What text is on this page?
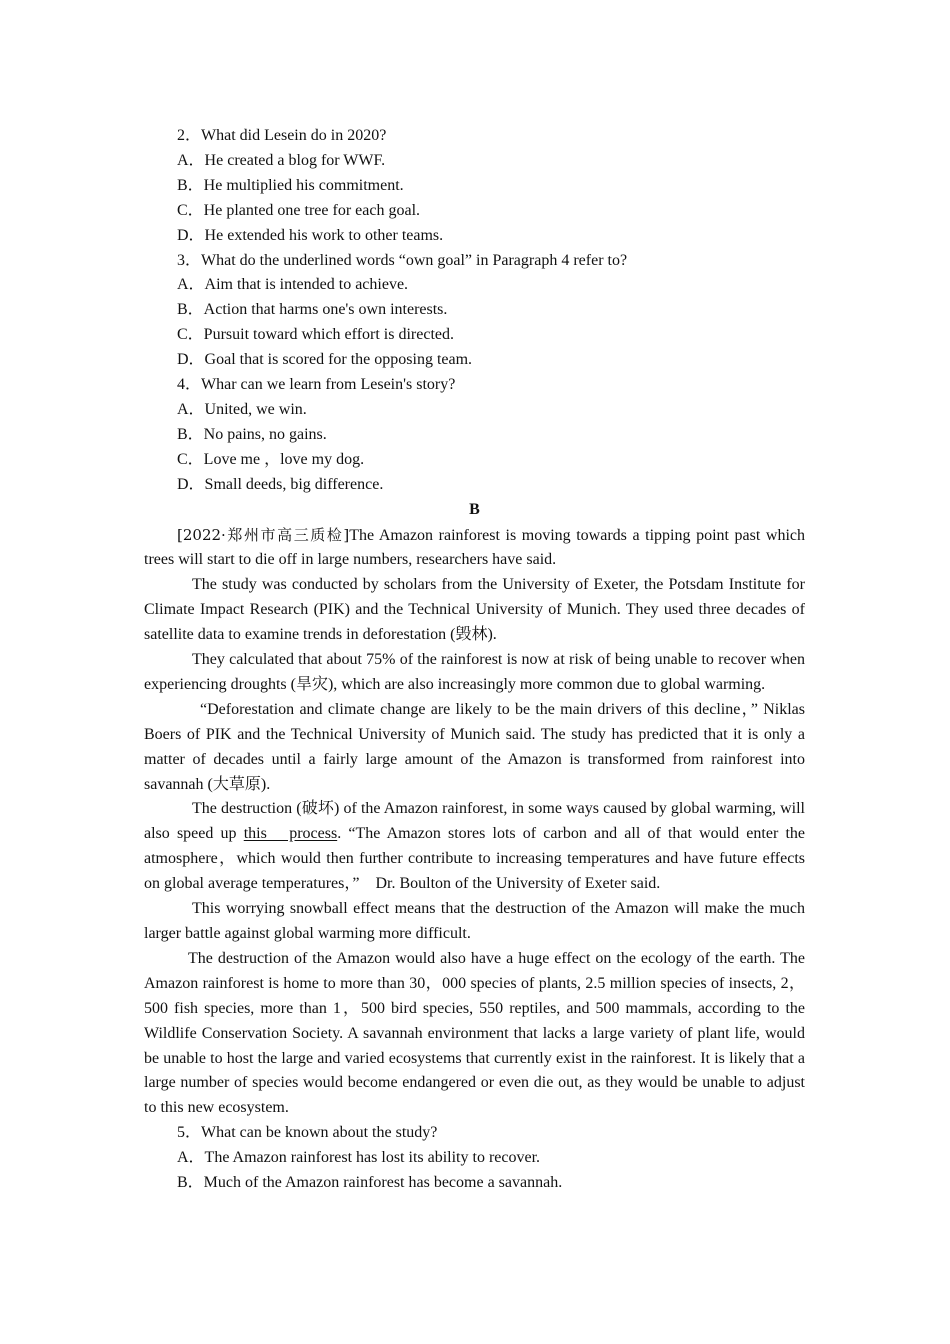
2．What did Lesein do in 2020?

A．He created a blog for WWF.

B．He multiplied his commitment.

C．He planted one tree for each goal.

D．He extended his work to other teams.

3．What do the underlined words “own goal” in Paragraph 4 refer to?

A．Aim that is intended to achieve.

B．Action that harms one's own interests.

C．Pursuit toward which effort is directed.

D．Goal that is scored for the opposing team.

4．Whar can we learn from Lesein's story?

A．United, we win.

B．No pains, no gains.

C．Love me ，love my dog.

D．Small deeds, big difference.

B

[2022·郑州市高三质检]The Amazon rainforest is moving towards a tipping point past which trees will start to die off in large numbers, researchers have said.

The study was conducted by scholars from the University of Exeter, the Potsdam Institute for Climate Impact Research (PIK) and the Technical University of Munich. They used three decades of satellite data to examine trends in deforestation (毁林).

They calculated that about 75% of the rainforest is now at risk of being unable to recover when experiencing droughts (旱灾), which are also increasingly more common due to global warming.

“Deforestation and climate change are likely to be the main drivers of this decline，” Niklas Boers of PIK and the Technical University of Munich said. The study has predicted that it is only a matter of decades until a fairly large amount of the Amazon is transformed from rainforest into savannah (大草原).

The destruction (破坏) of the Amazon rainforest, in some ways caused by global warming, will also speed up this　process. “The Amazon stores lots of carbon and all of that would enter the atmosphere，which would then further contribute to increasing temperatures and have future effects on global average temperatures，”　Dr. Boulton of the University of Exeter said.

This worrying snowball effect means that the destruction of the Amazon will make the much larger battle against global warming more difficult.

The destruction of the Amazon would also have a huge effect on the ecology of the earth. The Amazon rainforest is home to more than 30，000 species of plants, 2.5 million species of insects, 2，500 fish species, more than 1，500 bird species, 550 reptiles, and 500 mammals, according to the Wildlife Conservation Society. A savannah environment that lacks a large variety of plant life, would be unable to host the large and varied ecosystems that currently exist in the rainforest. It is likely that a large number of species would become endangered or even die out, as they would be unable to adjust to this new ecosystem.

5．What can be known about the study?

A．The Amazon rainforest has lost its ability to recover.

B．Much of the Amazon rainforest has become a savannah.
